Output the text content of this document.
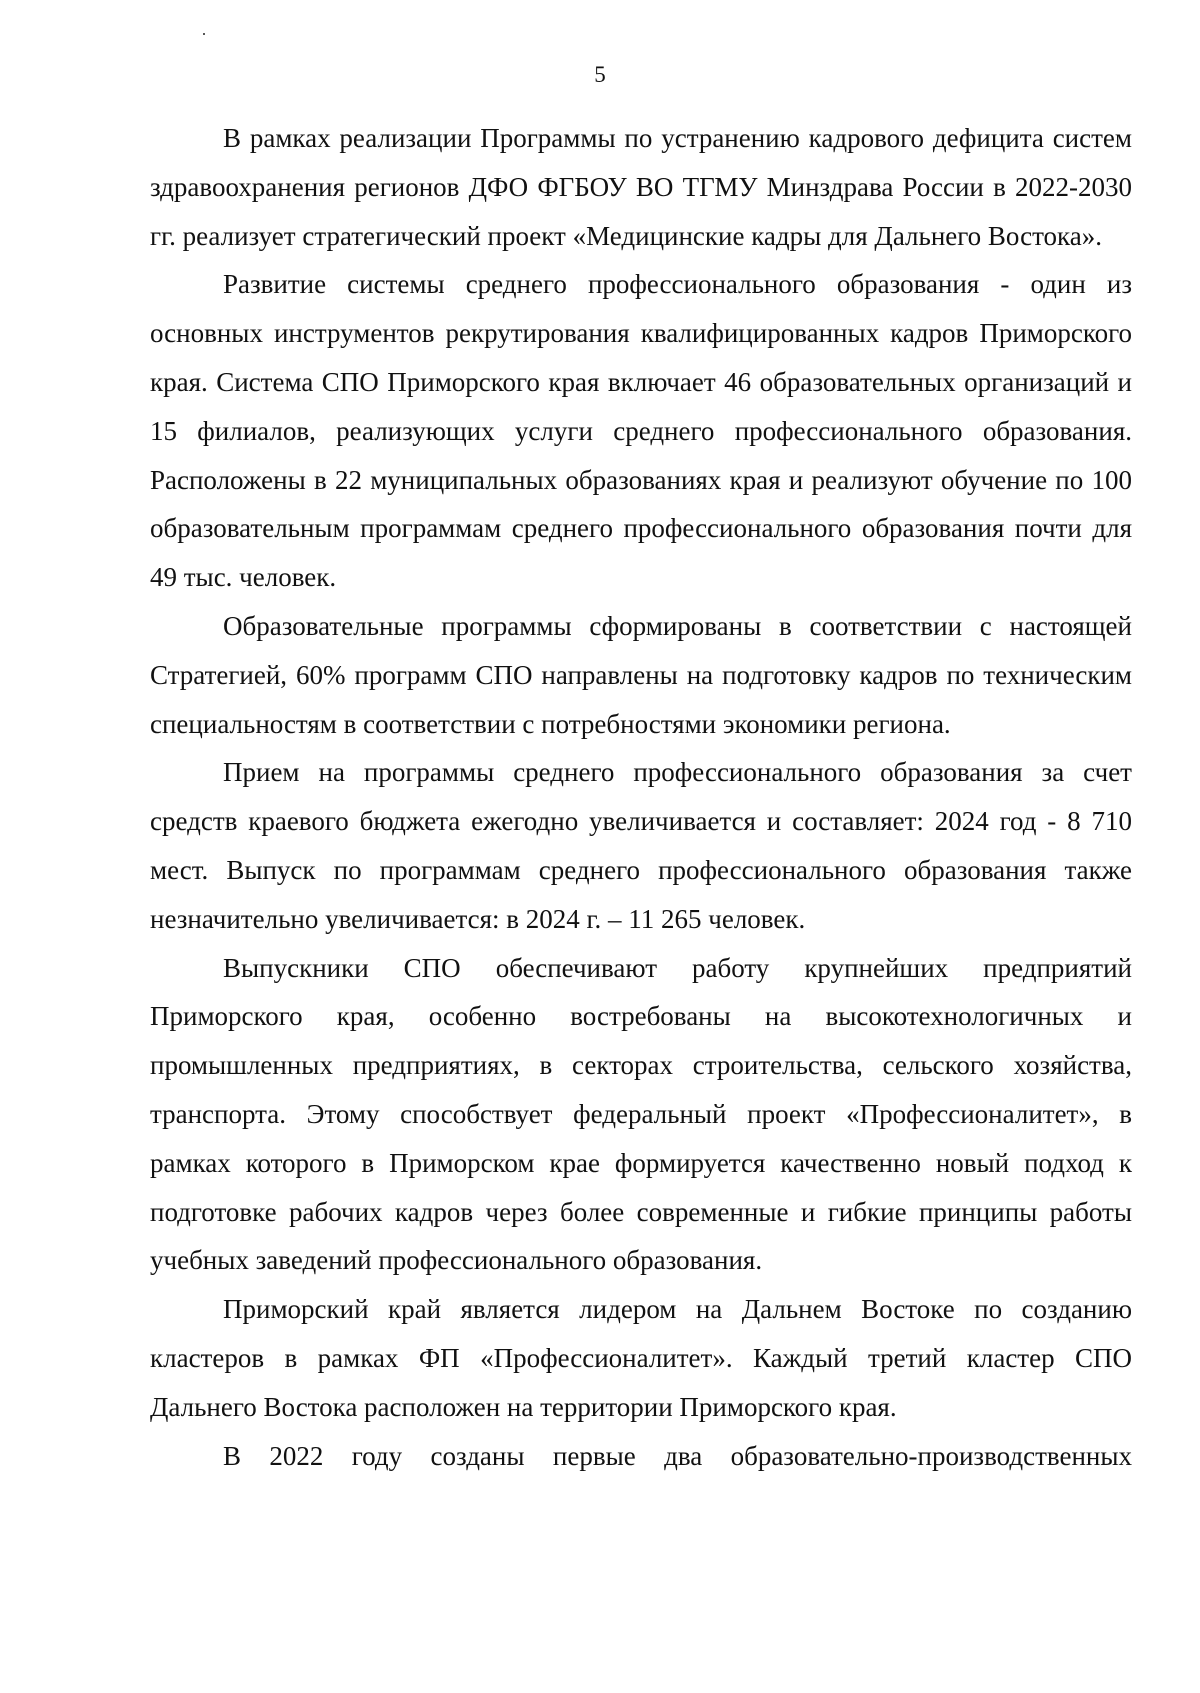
5

В рамках реализации Программы по устранению кадрового дефицита систем здравоохранения регионов ДФО ФГБОУ ВО ТГМУ Минздрава России в 2022-2030 гг. реализует стратегический проект «Медицинские кадры для Дальнего Востока».

Развитие системы среднего профессионального образования - один из основных инструментов рекрутирования квалифицированных кадров Приморского края. Система СПО Приморского края включает 46 образовательных организаций и 15 филиалов, реализующих услуги среднего профессионального образования. Расположены в 22 муниципальных образованиях края и реализуют обучение по 100 образовательным программам среднего профессионального образования почти для 49 тыс. человек.

Образовательные программы сформированы в соответствии с настоящей Стратегией, 60% программ СПО направлены на подготовку кадров по техническим специальностям в соответствии с потребностями экономики региона.

Прием на программы среднего профессионального образования за счет средств краевого бюджета ежегодно увеличивается и составляет: 2024 год - 8 710 мест. Выпуск по программам среднего профессионального образования также незначительно увеличивается: в 2024 г. – 11 265 человек.

Выпускники СПО обеспечивают работу крупнейших предприятий Приморского края, особенно востребованы на высокотехнологичных и промышленных предприятиях, в секторах строительства, сельского хозяйства, транспорта. Этому способствует федеральный проект «Профессионалитет», в рамках которого в Приморском крае формируется качественно новый подход к подготовке рабочих кадров через более современные и гибкие принципы работы учебных заведений профессионального образования.

Приморский край является лидером на Дальнем Востоке по созданию кластеров в рамках ФП «Профессионалитет». Каждый третий кластер СПО Дальнего Востока расположен на территории Приморского края.

В 2022 году созданы первые два образовательно-производственных
